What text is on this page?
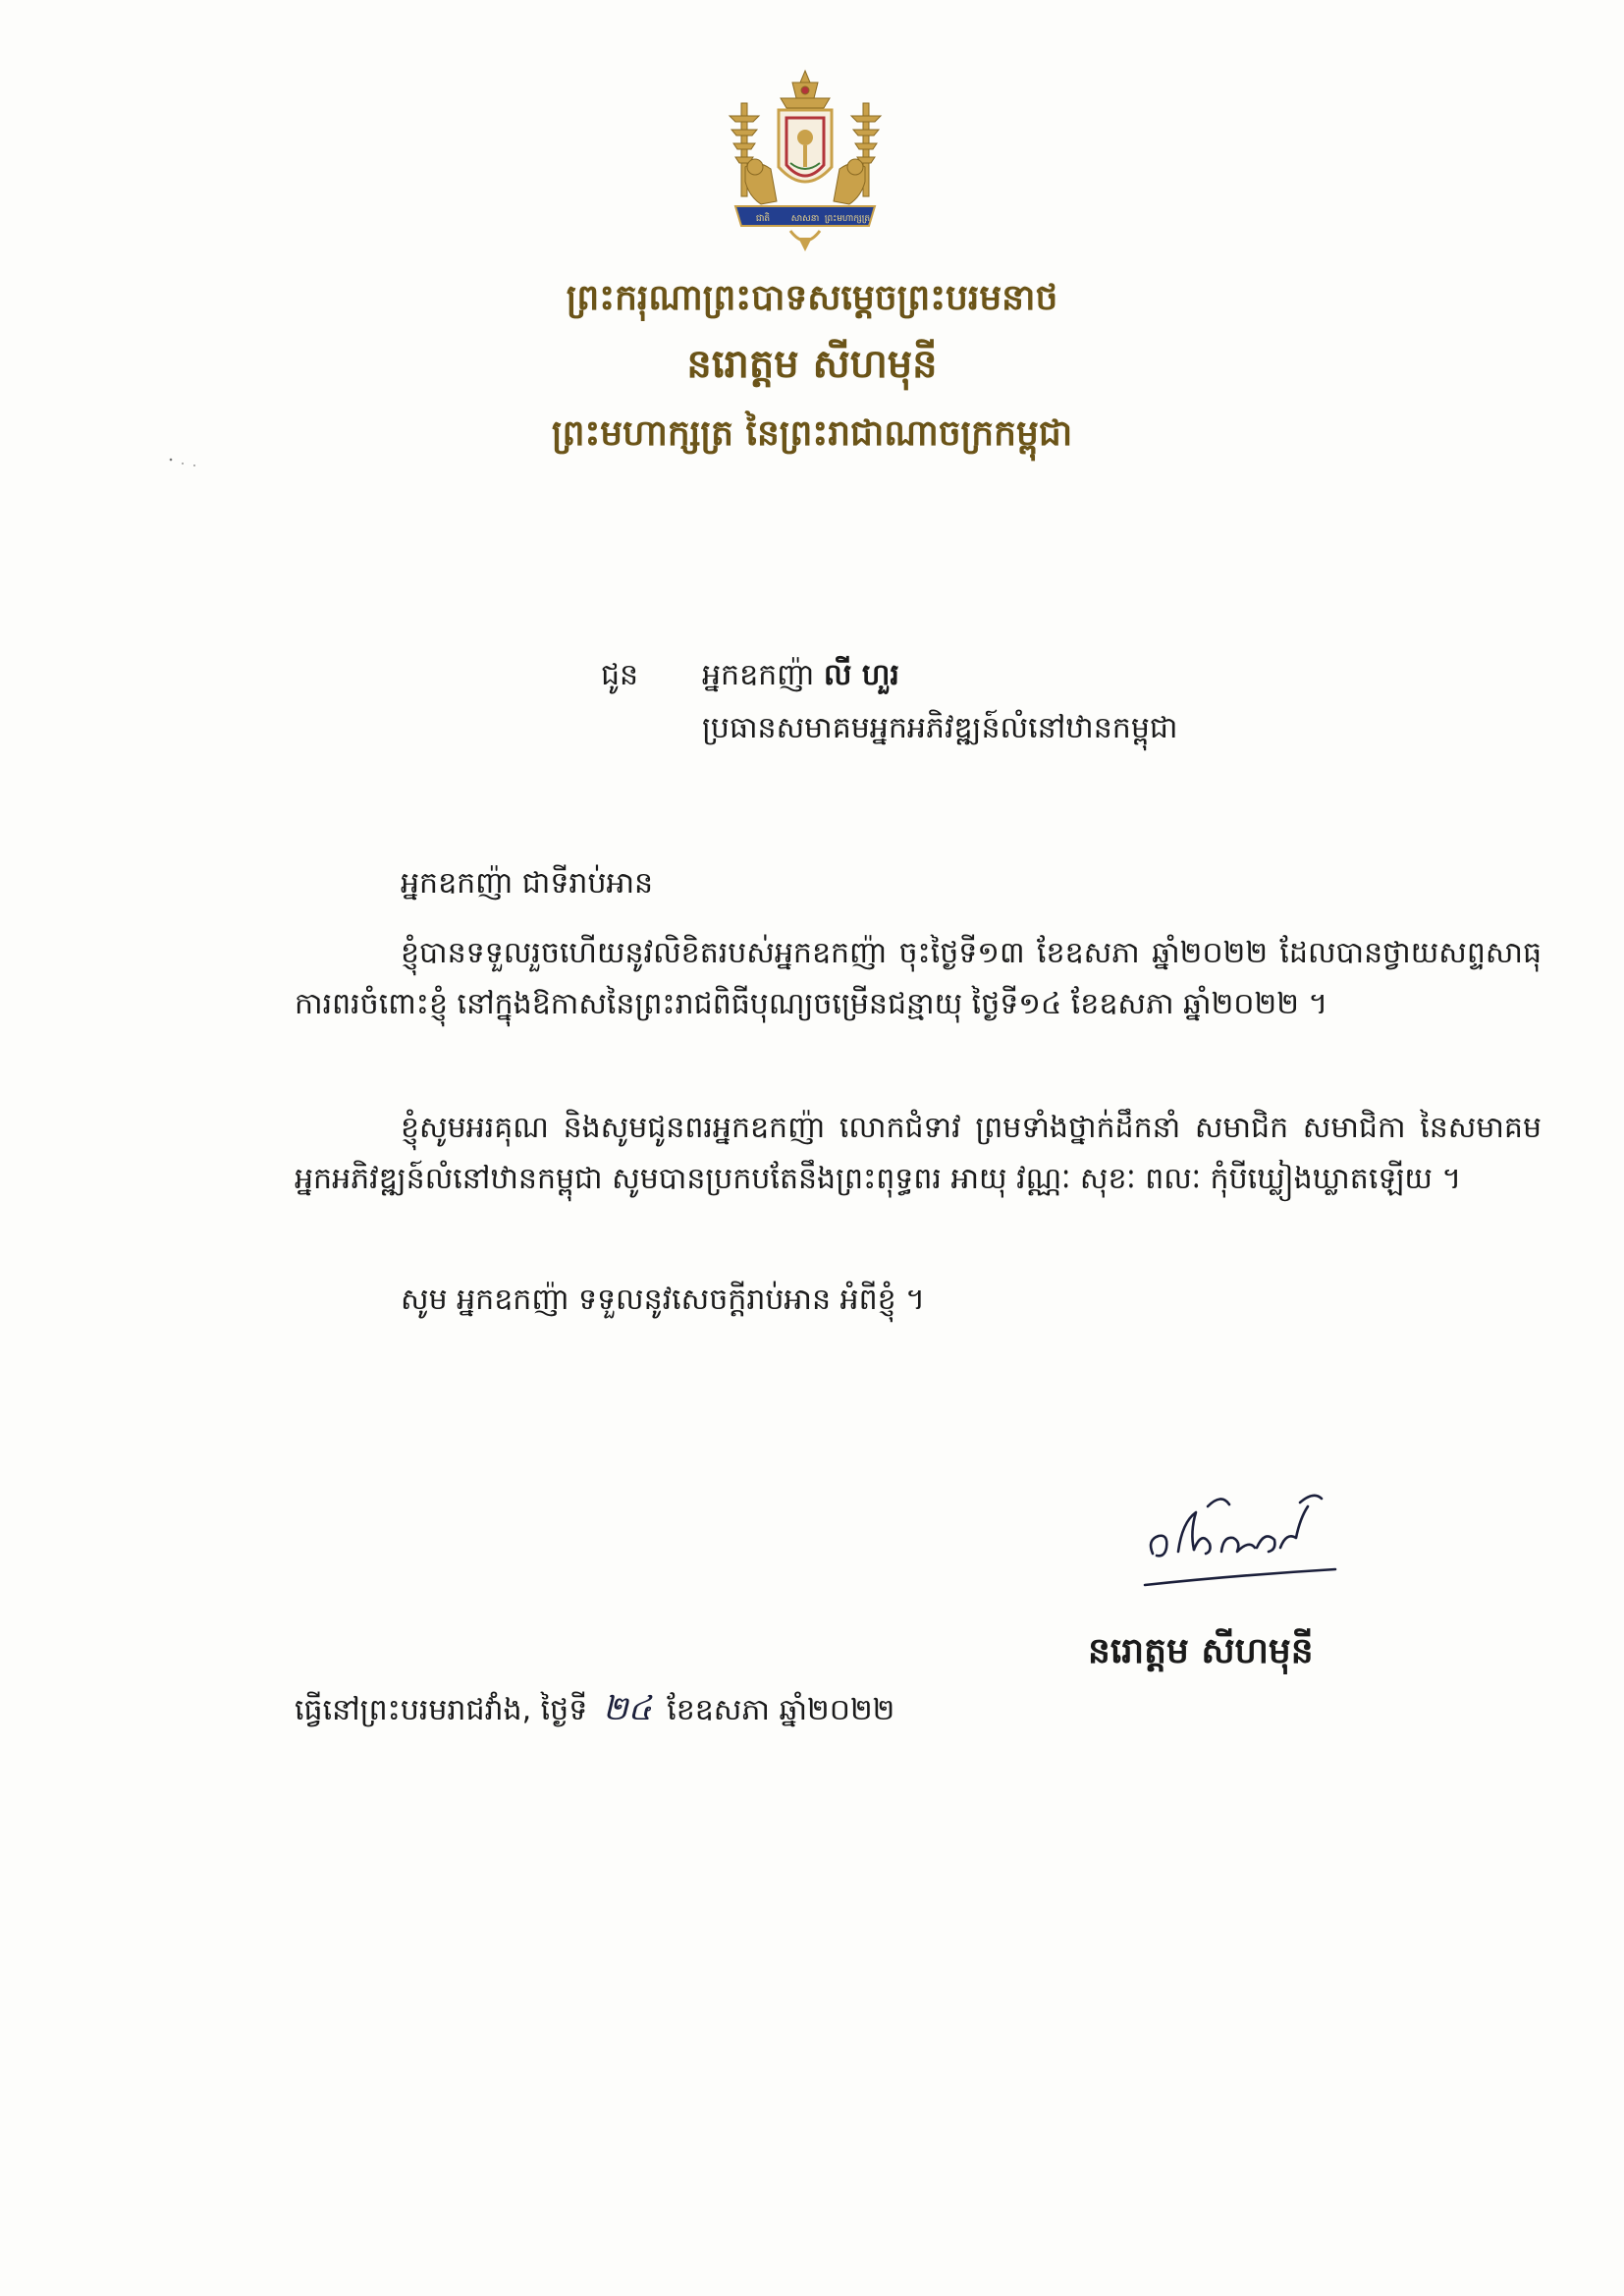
ជាតិ សាសនា ព្រះមហាក្សត្រ
ព្រះករុណាព្រះបាទសម្តេចព្រះបរមនាថ
នរោត្តម សីហមុនី
ព្រះមហាក្សត្រ នៃព្រះរាជាណាចក្រកម្ពុជា
ជូន អ្នកឧកញ៉ា លី ហួរ
ប្រធានសមាគមអ្នកអភិវឌ្ឍន៍លំនៅឋានកម្ពុជា
អ្នកឧកញ៉ា ជាទីរាប់អាន
ខ្ញុំបានទទួលរួចហើយនូវលិខិតរបស់អ្នកឧកញ៉ា ចុះថ្ងៃទី១៣ ខែឧសភា ឆ្នាំ២០២២ ដែលបានថ្វាយសព្ទសាធុការពរចំពោះខ្ញុំ នៅក្នុងឱកាសនៃព្រះរាជពិធីបុណ្យចម្រើនជន្មាយុ ថ្ងៃទី១៤ ខែឧសភា ឆ្នាំ២០២២ ។
ខ្ញុំសូមអរគុណ និងសូមជូនពរអ្នកឧកញ៉ា លោកជំទាវ ព្រមទាំងថ្នាក់ដឹកនាំ សមាជិក សមាជិកា នៃសមាគមអ្នកអភិវឌ្ឍន៍លំនៅឋានកម្ពុជា សូមបានប្រកបតែនឹងព្រះពុទ្ធពរ អាយុ វណ្ណៈ សុខៈ ពលៈ កុំបីឃ្លៀងឃ្លាតឡើយ ។
សូម អ្នកឧកញ៉ា ទទួលនូវសេចក្តីរាប់អាន អំពីខ្ញុំ ។
នរោត្តម សីហមុនី
ធ្វើនៅព្រះបរមរាជវាំង, ថ្ងៃទី ២៤ ខែឧសភា ឆ្នាំ២០២២
